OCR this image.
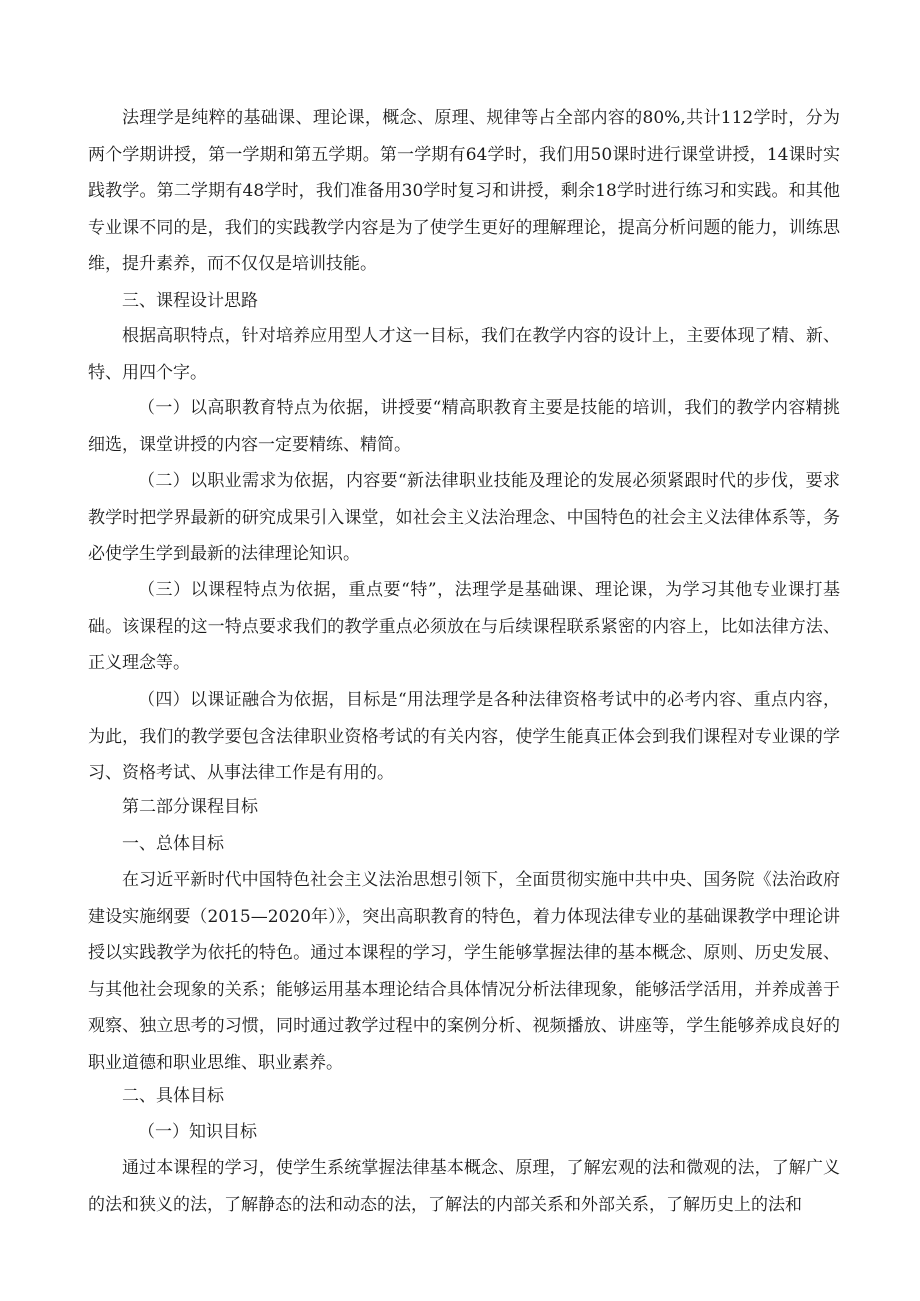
法理学是纯粹的基础课、理论课，概念、原理、规律等占全部内容的80%,共计112学时，分为两个学期讲授，第一学期和第五学期。第一学期有64学时，我们用50课时进行课堂讲授，14课时实践教学。第二学期有48学时，我们准备用30学时复习和讲授，剩余18学时进行练习和实践。和其他专业课不同的是，我们的实践教学内容是为了使学生更好的理解理论，提高分析问题的能力，训练思维，提升素养，而不仅仅是培训技能。

三、课程设计思路

根据高职特点，针对培养应用型人才这一目标，我们在教学内容的设计上，主要体现了精、新、特、用四个字。

（一）以高职教育特点为依据，讲授要“精高职教育主要是技能的培训，我们的教学内容精挑细选，课堂讲授的内容一定要精练、精简。

（二）以职业需求为依据，内容要“新法律职业技能及理论的发展必须紧跟时代的步伐，要求教学时把学界最新的研究成果引入课堂，如社会主义法治理念、中国特色的社会主义法律体系等，务必使学生学到最新的法律理论知识。

（三）以课程特点为依据，重点要“特”，法理学是基础课、理论课，为学习其他专业课打基础。该课程的这一特点要求我们的教学重点必须放在与后续课程联系紧密的内容上，比如法律方法、正义理念等。

（四）以课证融合为依据，目标是“用法理学是各种法律资格考试中的必考内容、重点内容，为此，我们的教学要包含法律职业资格考试的有关内容，使学生能真正体会到我们课程对专业课的学习、资格考试、从事法律工作是有用的。

第二部分课程目标

一、总体目标

在习近平新时代中国特色社会主义法治思想引领下，全面贯彻实施中共中央、国务院《法治政府建设实施纲要（2015—2020年）》，突出高职教育的特色，着力体现法律专业的基础课教学中理论讲授以实践教学为依托的特色。通过本课程的学习，学生能够掌握法律的基本概念、原则、历史发展、与其他社会现象的关系；能够运用基本理论结合具体情况分析法律现象，能够活学活用，并养成善于观察、独立思考的习惯，同时通过教学过程中的案例分析、视频播放、讲座等，学生能够养成良好的职业道德和职业思维、职业素养。

二、具体目标

（一）知识目标

通过本课程的学习，使学生系统掌握法律基本概念、原理，了解宏观的法和微观的法，了解广义的法和狭义的法，了解静态的法和动态的法，了解法的内部关系和外部关系，了解历史上的法和
